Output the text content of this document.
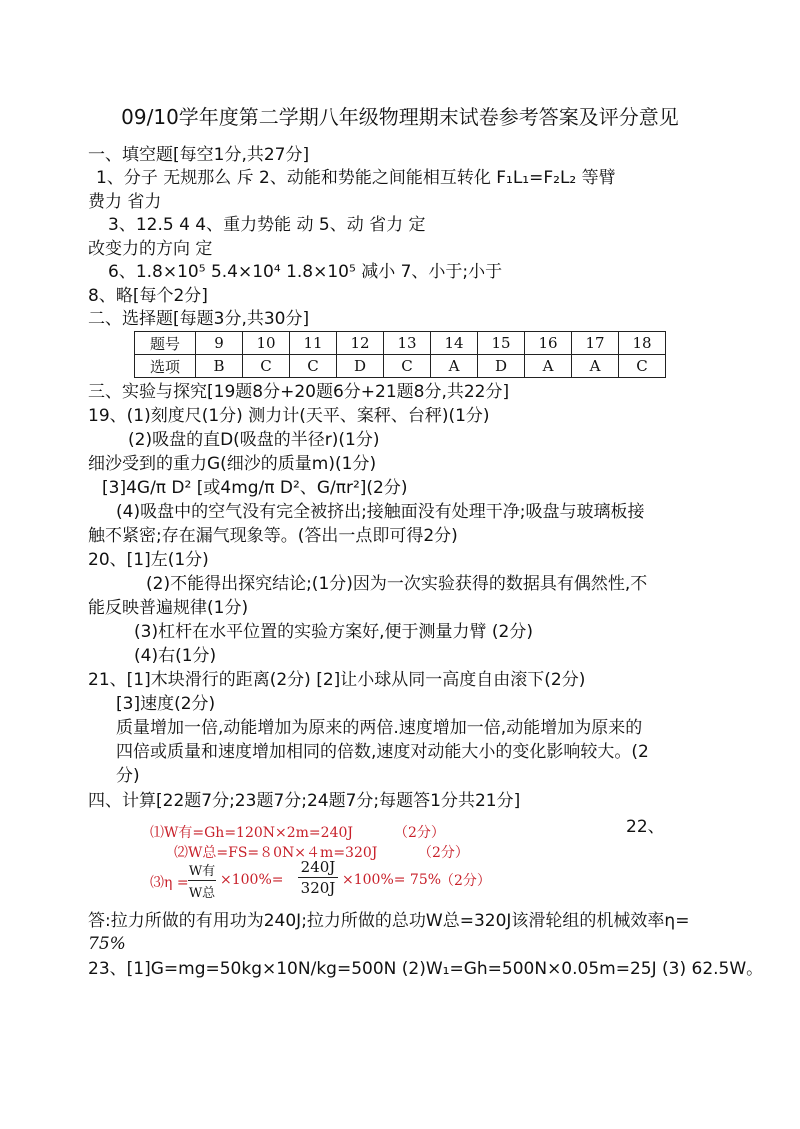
09/10学年度第二学期八年级物理期末试卷参考答案及评分意见
一、填空题[每空1分,共27分]
1、分子 无规那么 斥 2、动能和势能之间能相互转化 F₁L₁=F₂L₂ 等臂
费力 省力
3、12.5 4 4、重力势能 动 5、动 省力 定
改变力的方向 定
6、1.8×10⁵ 5.4×10⁴ 1.8×10⁵ 减小 7、小于;小于
8、略[每个2分]
二、选择题[每题3分,共30分]
题号	9	10	11	12	13	14	15	16	17	18
选项	B	C	C	D	C	A	D	A	A	C
三、实验与探究[19题8分+20题6分+21题8分,共22分]
19、(1)刻度尺(1分) 测力计(天平、案秤、台秤)(1分)
(2)吸盘的直D(吸盘的半径r)(1分)
细沙受到的重力G(细沙的质量m)(1分)
[3]4G/π D² [或4mg/π D²、G/πr²](2分)
(4)吸盘中的空气没有完全被挤出;接触面没有处理干净;吸盘与玻璃板接
触不紧密;存在漏气现象等。(答出一点即可得2分)
20、[1]左(1分)
(2)不能得出探究结论;(1分)因为一次实验获得的数据具有偶然性,不
能反映普遍规律(1分)
(3)杠杆在水平位置的实验方案好,便于测量力臂 (2分)
(4)右(1分)
21、[1]木块滑行的距离(2分) [2]让小球从同一高度自由滚下(2分)
[3]速度(2分)
质量增加一倍,动能增加为原来的两倍.速度增加一倍,动能增加为原来的
四倍或质量和速度增加相同的倍数,速度对动能大小的变化影响较大。(2
分)
四、计算[22题7分;23题7分;24题7分;每题答1分共21分]
22、
⑴W有=Gh=120N×2m=240J	（2分）
⑵W总=FS=８0N×４m=320J	（2分）
⑶η =
W有
W总
×100%=
240J
320J ×100%= 75%
（2分）
答:拉力所做的有用功为240J;拉力所做的总功W总=320J该滑轮组的机械效率η=
75%
23、[1]G=mg=50kg×10N/kg=500N (2)W₁=Gh=500N×0.05m=25J (3) 62.5W。
